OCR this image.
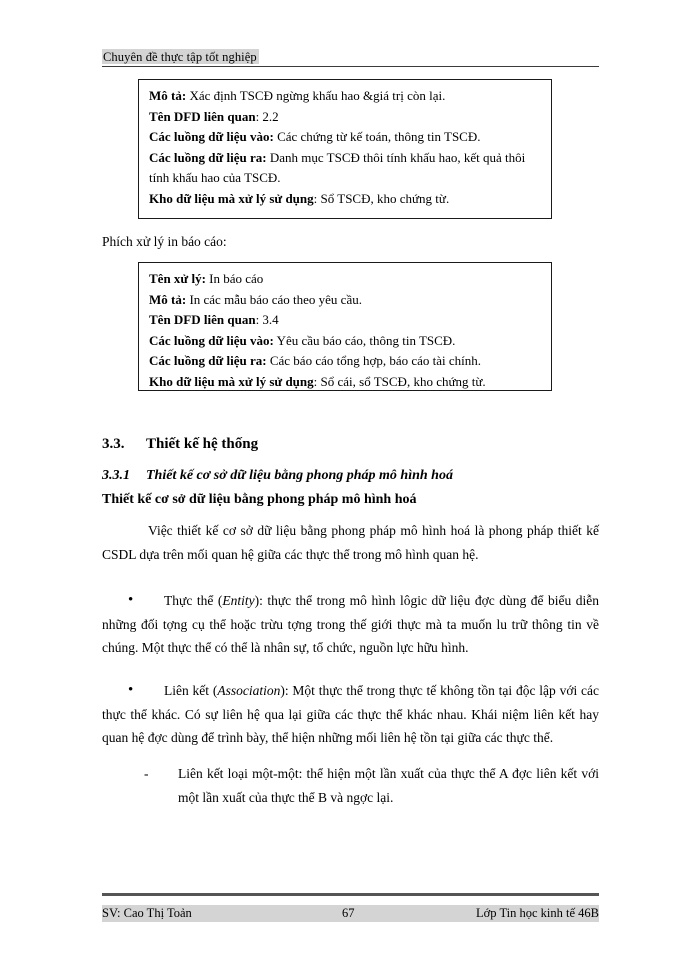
Chuyên đề thực tập tốt nghiệp
Mô tả: Xác định TSCĐ ngừng khấu hao &giá trị còn lại.
Tên DFD liên quan: 2.2
Các luồng dữ liệu vào: Các chứng từ kế toán, thông tin TSCĐ.
Các luồng dữ liệu ra: Danh mục TSCĐ thôi tính khấu hao, kết quả thôi tính khấu hao của TSCĐ.
Kho dữ liệu mà xử lý sử dụng: Sổ TSCĐ, kho chứng từ.
Phích xử lý in báo cáo:
Tên xử lý: In báo cáo
Mô tả: In các mẫu báo cáo theo yêu cầu.
Tên DFD liên quan: 3.4
Các luồng dữ liệu vào: Yêu cầu báo cáo, thông tin TSCĐ.
Các luồng dữ liệu ra: Các báo cáo tổng hợp, báo cáo tài chính.
Kho dữ liệu mà xử lý sử dụng: Sổ cái, sổ TSCĐ, kho chứng từ.
3.3. Thiết kế hệ thống
3.3.1 Thiết kế cơ sở dữ liệu bằng phong pháp mô hình hoá
Thiết kế cơ sở dữ liệu bằng phong pháp mô hình hoá
Việc thiết kế cơ sở dữ liệu bằng phong pháp mô hình hoá là phong pháp thiết kế CSDL dựa trên mối quan hệ giữa các thực thể trong mô hình quan hệ.
•	Thực thể (Entity): thực thể trong mô hình lôgic dữ liệu đợc dùng để biểu diễn những đối tợng cụ thể hoặc trừu tợng trong thế giới thực mà ta muốn lu trữ thông tin về chúng. Một thực thể có thể là nhân sự, tổ chức, nguồn lực hữu hình.
•	Liên kết (Association): Một thực thể trong thực tế không tồn tại độc lập với các thực thể khác. Có sự liên hệ qua lại giữa các thực thể khác nhau. Khái niệm liên kết hay quan hệ đợc dùng để trình bày, thể hiện những mối liên hệ tồn tại giữa các thực thể.
- Liên kết loại một-một: thể hiện một lần xuất của thực thể A đợc liên kết với một lần xuất của thực thể B và ngợc lại.
SV: Cao Thị Toản	67	Lớp Tin học kinh tế 46B
